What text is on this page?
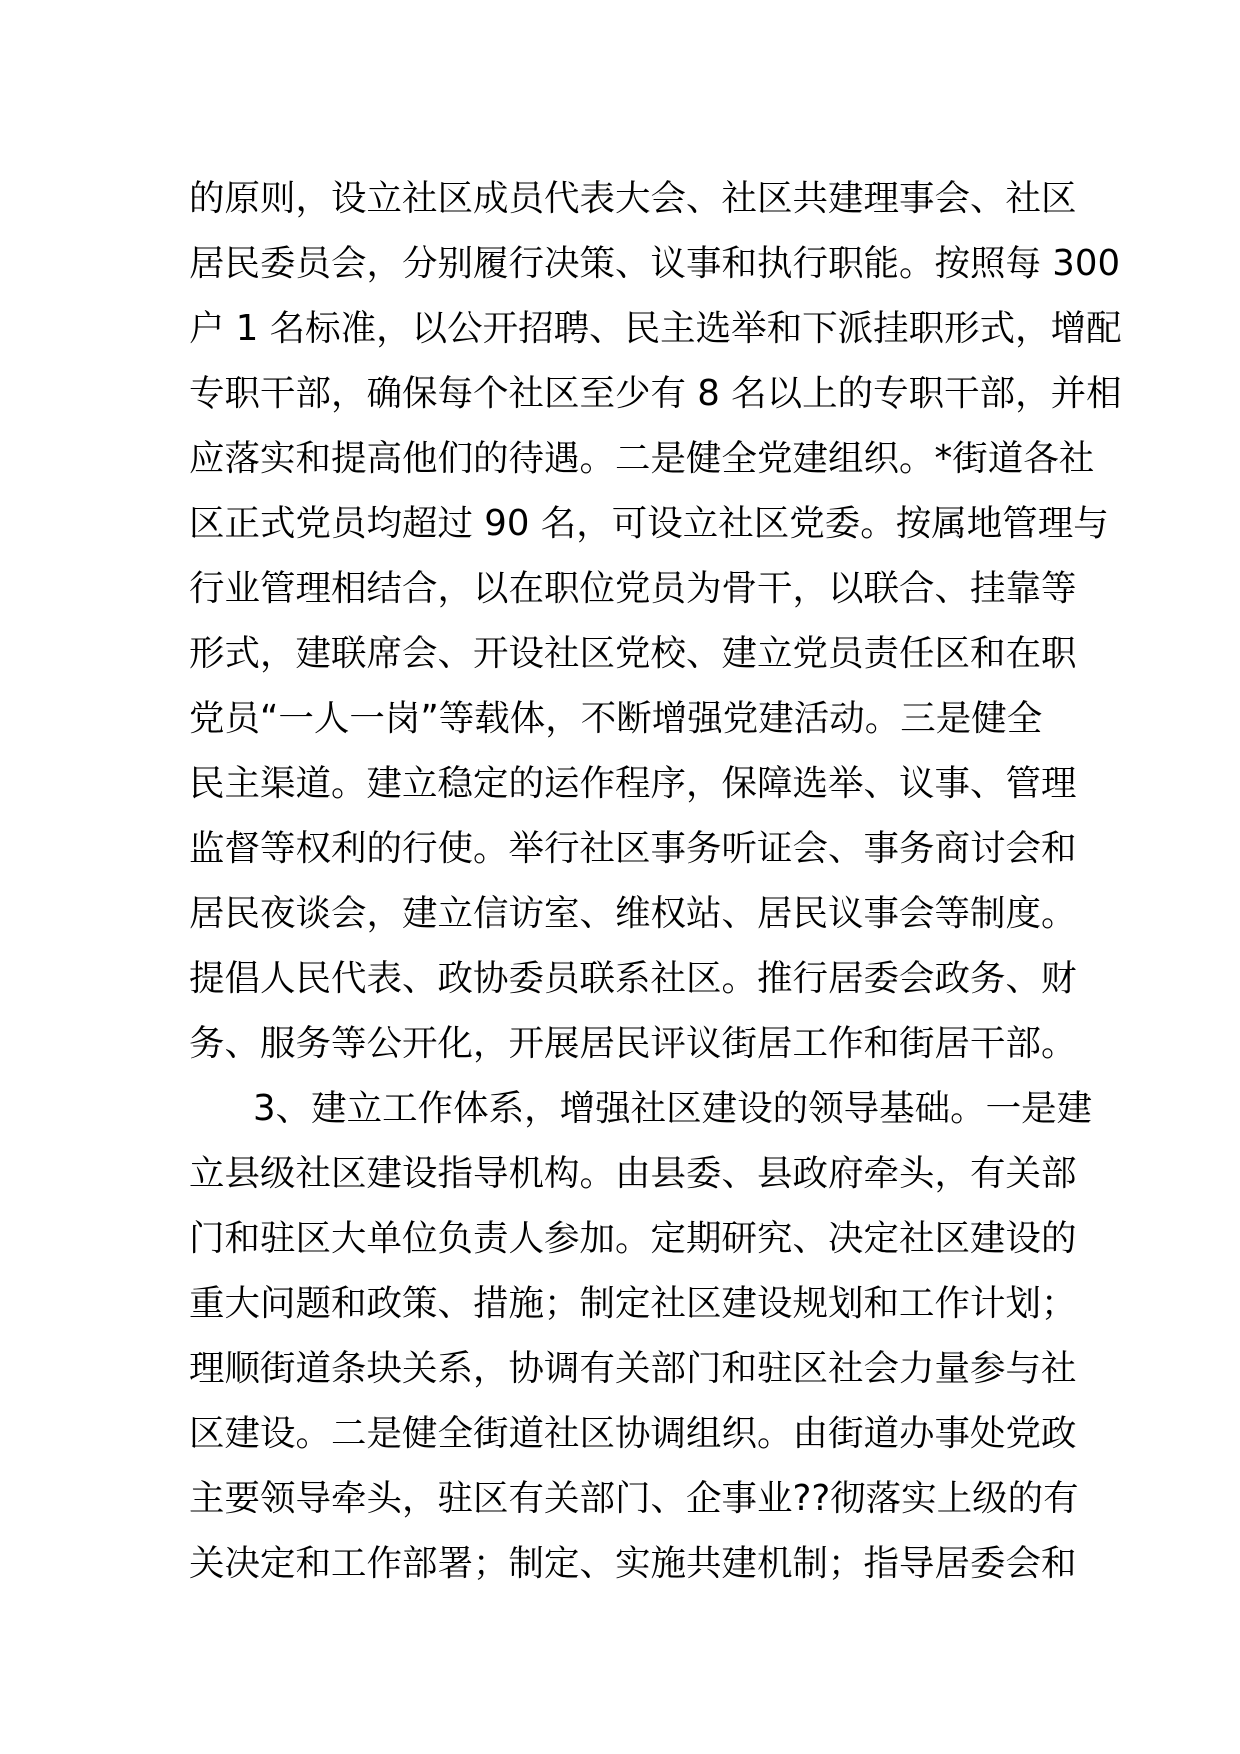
的原则，设立社区成员代表大会、社区共建理事会、社区
居民委员会，分别履行决策、议事和执行职能。按照每 300
户 1 名标准，以公开招聘、民主选举和下派挂职形式，增配
专职干部，确保每个社区至少有 8 名以上的专职干部，并相
应落实和提高他们的待遇。二是健全党建组织。*街道各社
区正式党员均超过 90 名，可设立社区党委。按属地管理与
行业管理相结合，以在职位党员为骨干，以联合、挂靠等
形式，建联席会、开设社区党校、建立党员责任区和在职
党员“一人一岗”等载体，不断增强党建活动。三是健全
民主渠道。建立稳定的运作程序，保障选举、议事、管理
监督等权利的行使。举行社区事务听证会、事务商讨会和
居民夜谈会，建立信访室、维权站、居民议事会等制度。
提倡人民代表、政协委员联系社区。推行居委会政务、财
务、服务等公开化，开展居民评议街居工作和街居干部。
3、建立工作体系，增强社区建设的领导基础。一是建
立县级社区建设指导机构。由县委、县政府牵头，有关部
门和驻区大单位负责人参加。定期研究、决定社区建设的
重大问题和政策、措施；制定社区建设规划和工作计划；
理顺街道条块关系，协调有关部门和驻区社会力量参与社
区建设。二是健全街道社区协调组织。由街道办事处党政
主要领导牵头，驻区有关部门、企事业??彻落实上级的有
关决定和工作部署；制定、实施共建机制；指导居委会和
